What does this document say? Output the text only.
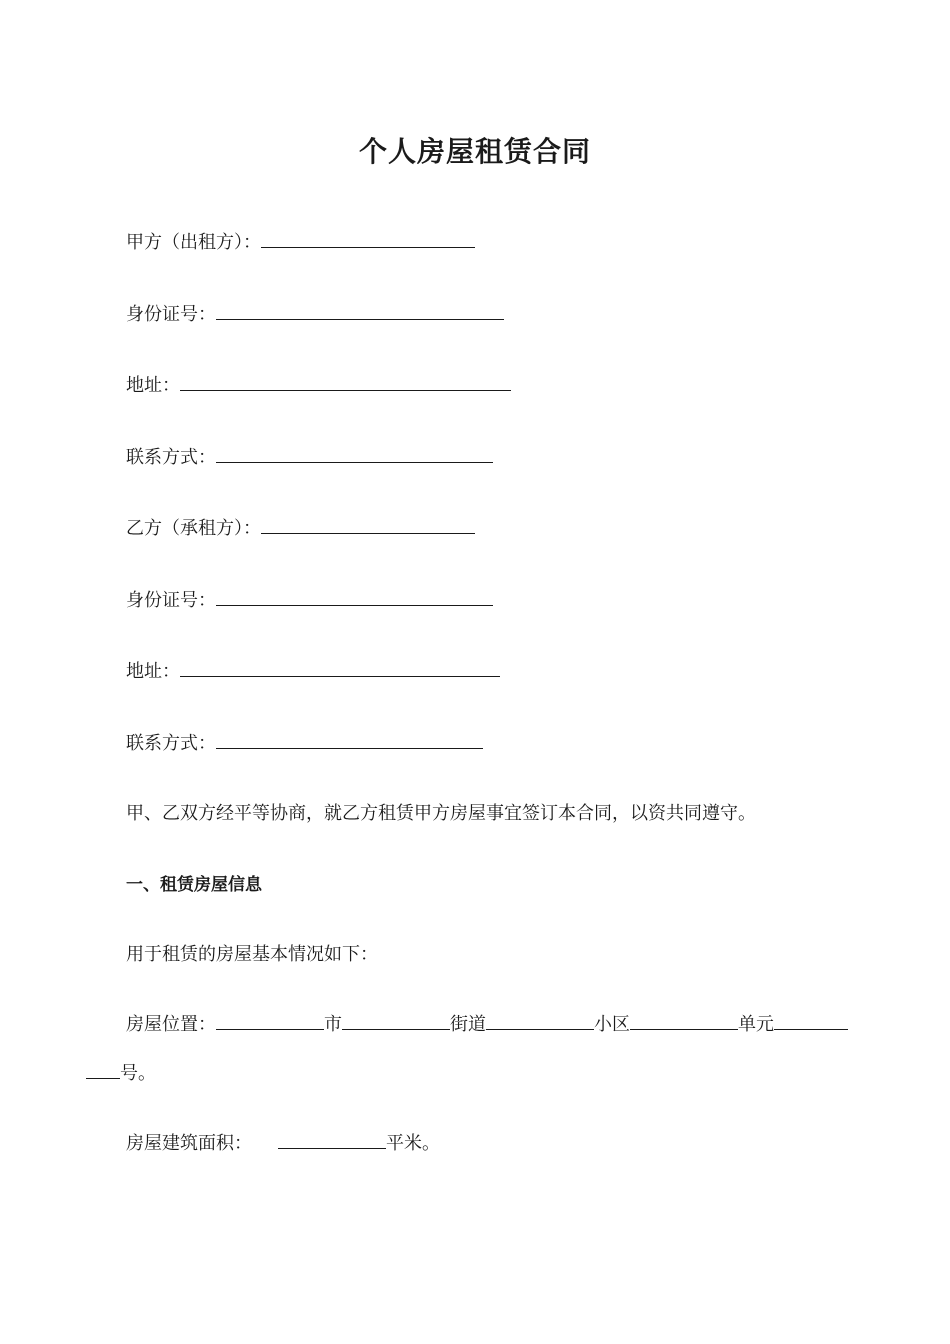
个人房屋租赁合同
甲方（出租方）：
身份证号：
地址：
联系方式：
乙方（承租方）：
身份证号：
地址：
联系方式：
甲、乙双方经平等协商，就乙方租赁甲方房屋事宜签订本合同，以资共同遵守。
一、租赁房屋信息
用于租赁的房屋基本情况如下：
房屋位置：	市	街道	小区	单元
号。
房屋建筑面积：	平米。
